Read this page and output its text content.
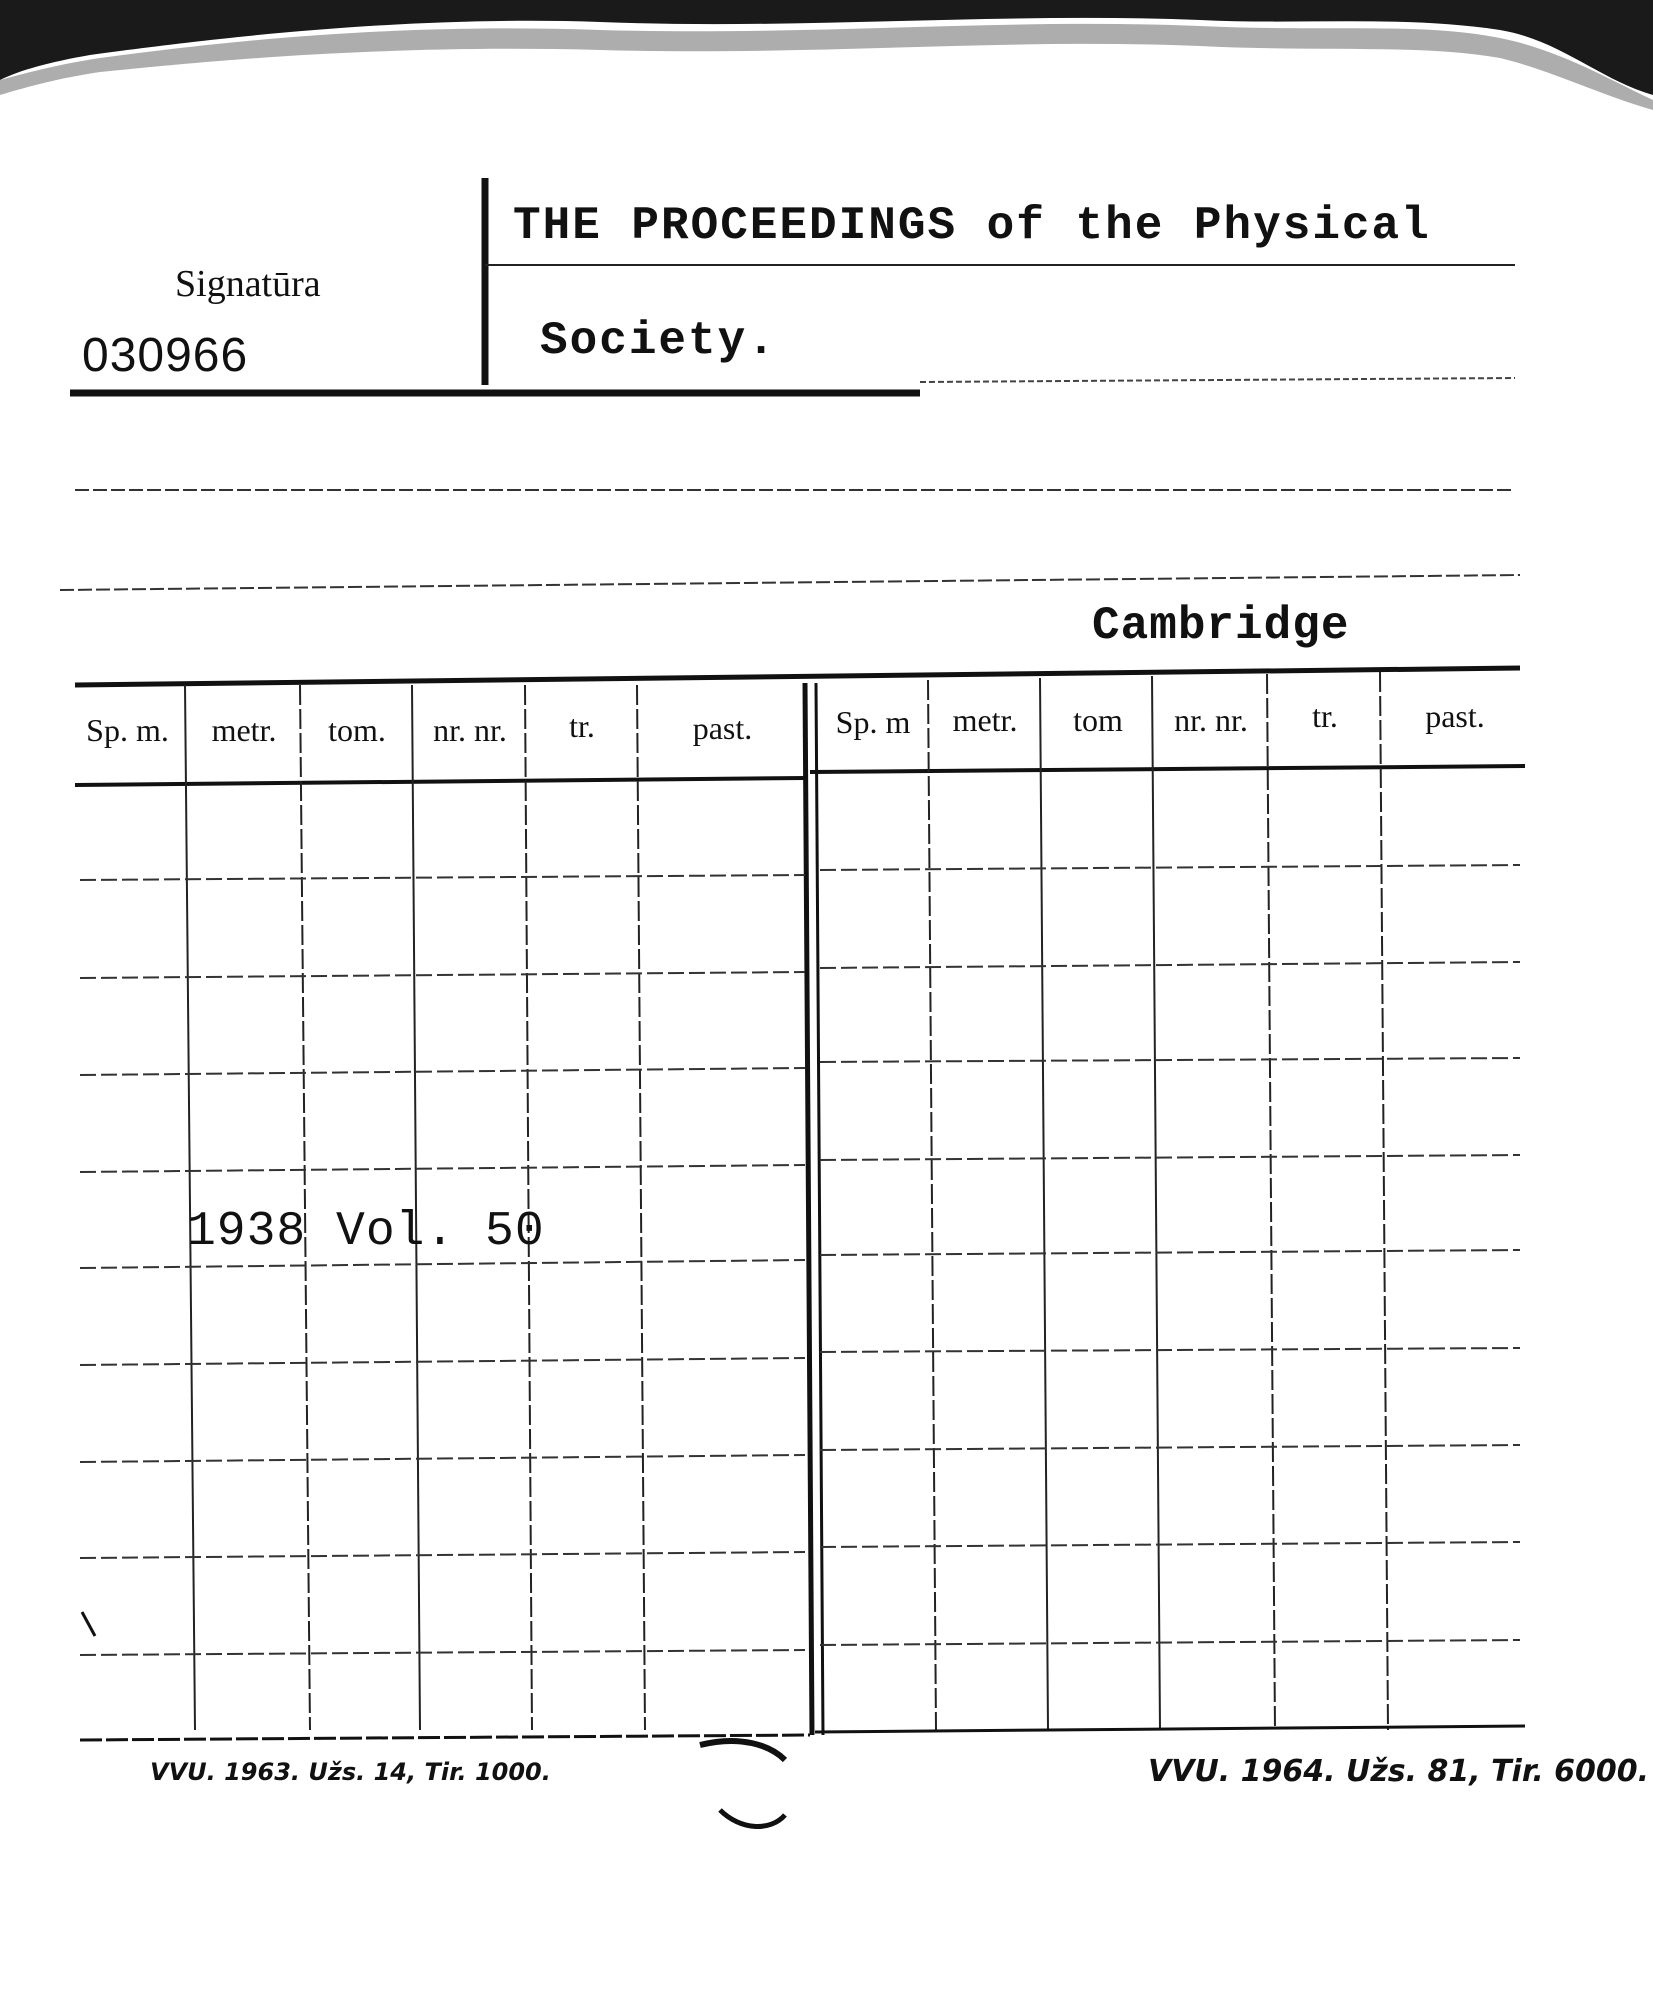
Signatūra
030966
THE PROCEEDINGS of the Physical
Society.
Cambridge
Sp. m.	metr.	tom.	nr. nr.	tr.	past.	Sp. m	metr.	tom	nr. nr.	tr.	past.
1938 Vol. 50
VVU. 1963. Užs. 14, Tir. 1000.	VVU. 1964. Užs. 81, Tir. 6000.
